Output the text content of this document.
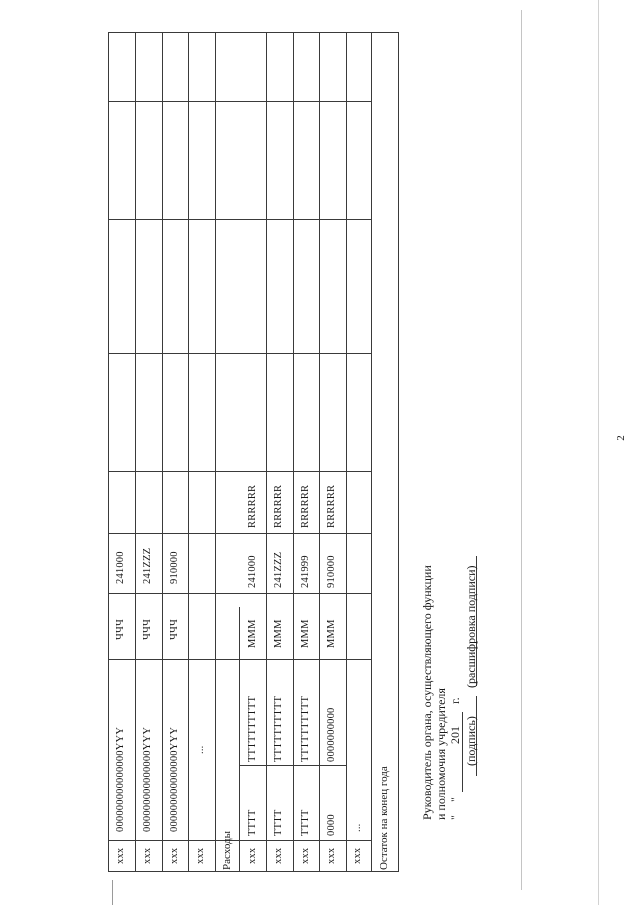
2
xxx
000000000000000YYY
ЧЧЧ
241000
xxx
000000000000000YYY
ЧЧЧ
241ZZZ
xxx
000000000000000YYY
ЧЧЧ
910000
xxx
...
Расходы xxx
TTTT
TTTTTTTTTT
MMM
241000
RRRRRR
xxx
TTTT
TTTTTTTTTT
MMM
241ZZZ
RRRRRR
xxx
TTTT
TTTTTTTTTT
MMM
241999
RRRRRR
xxx
0000
0000000000
MMM
910000
RRRRRR
xxx
... Остаток на конец года	Руководитель органа, осуществляющего функции и полномочия учредителя "
"
201
г.
(подпись)
(расшифровка подписи)
